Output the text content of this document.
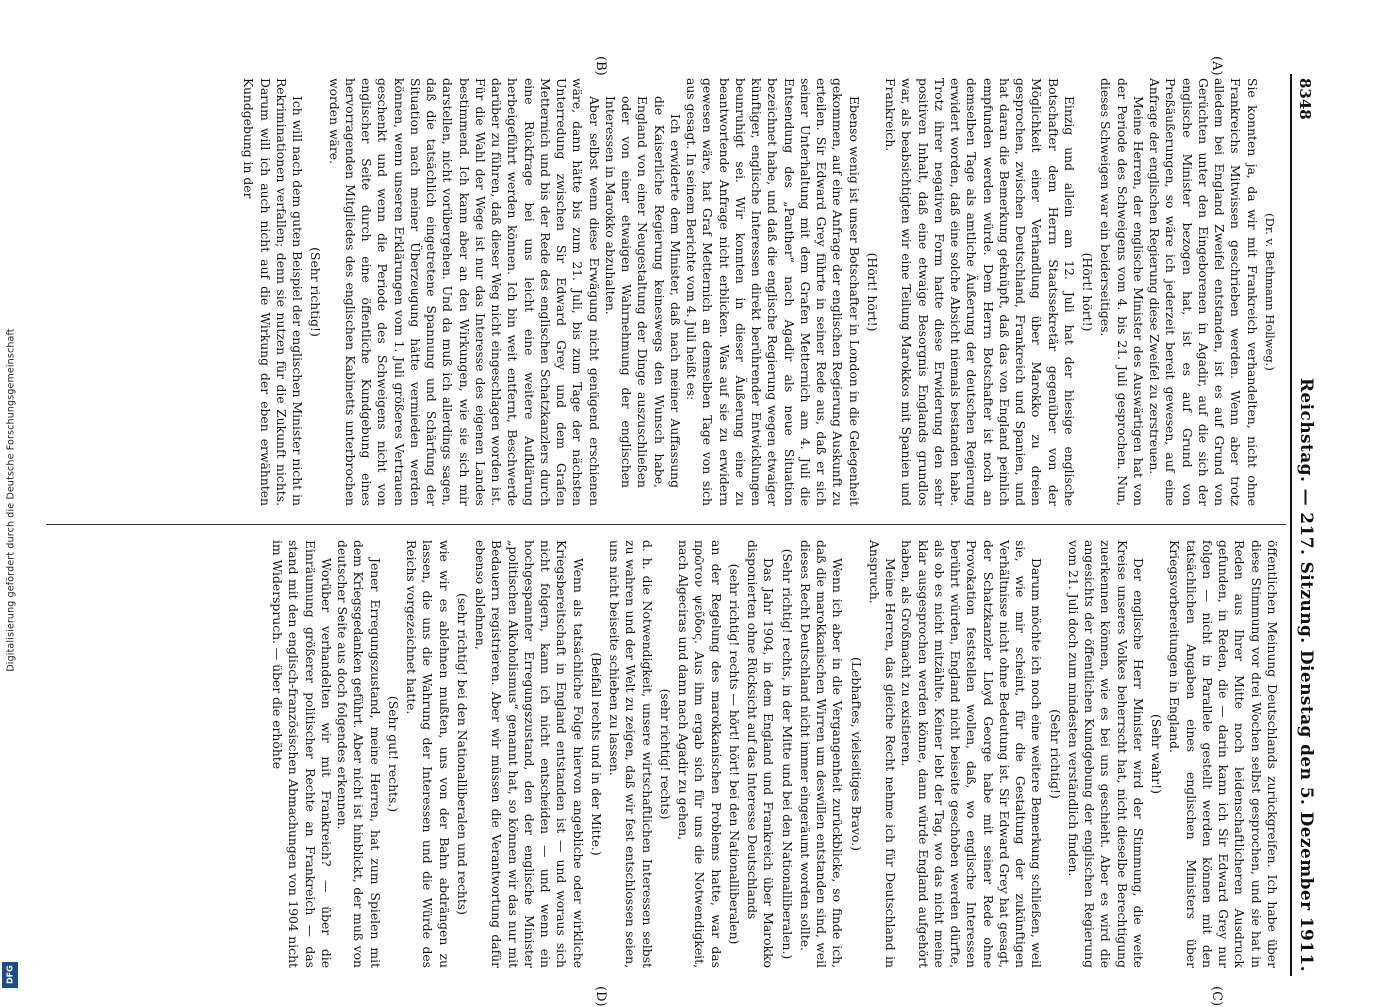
Digitalisierung gefördert durch die Deutsche Forschungsgemeinschaft
DFG
8348
Reichstag. — 217. Sitzung. Dienstag den 5. Dezember 1911.
(A)
(B)

(Dr. v. Bethmann Hollweg.)

Sie konnten ja, da wir mit Frankreich verhandelten, nicht ohne Frankreichs Mitwissen geschrieben werden. Wenn aber trotz alledem bei England Zweifel entstanden, ist es auf Grund von Gerüchten unter den Eingeborenen in Agadir, auf die sich der englische Minister bezogen hat, ist es auf Grund von Preßäußerungen, so wäre ich jederzeit bereit gewesen, auf eine Anfrage der englischen Regierung diese Zweifel zu zerstreuen.

Meine Herren, der englische Minister des Auswärtigen hat von der Periode des Schweigens vom 4. bis 21. Juli gesprochen. Nun, dieses Schweigen war ein beiderseitiges.

(Hört! hört!)

Einzig und allein am 12. Juli hat der hiesige englische Botschafter dem Herrn Staatssekretär gegenüber von der Möglichkeit einer Verhandlung über Marokko zu dreien gesprochen, zwischen Deutschland, Frankreich und Spanien, und hat daran die Bemerkung geknüpft, daß das von England peinlich empfunden werden würde. Dem Herrn Botschafter ist noch an demselben Tage als amtliche Äußerung der deutschen Regierung erwidert worden, daß eine solche Absicht niemals bestanden habe. Trotz ihrer negativen Form hatte diese Erwiderung den sehr positiven Inhalt, daß eine etwaige Besorgnis Englands grundlos war, als beabsichtigten wir eine Teilung Marokkos mit Spanien und Frankreich.

(Hört! hört!)

Ebenso wenig ist unser Botschafter in London in die Gelegenheit gekommen, auf eine Anfrage der englischen Regierung Auskunft zu erteilen. Sir Edward Grey führte in seiner Rede aus, daß er sich seiner Unterhaltung mit dem Grafen Metternich am 4. Juli die Entsendung des „Panther“ nach Agadir als neue Situation bezeichnet habe, und daß die englische Regierung wegen etwaiger künftiger, englische Interessen direkt berührender Entwicklungen beunruhigt sei. Wir konnten in dieser Äußerung eine zu beantwortende Anfrage nicht erblicken. Was auf sie zu erwidern gewesen wäre, hat Graf Metternich an demselben Tage von sich aus gesagt. In seinem Berichte vom 4. Juli heißt es:

Ich erwiderte dem Minister, daß nach meiner Auffassung die Kaiserliche Regierung keineswegs den Wunsch habe, England von einer Neugestaltung der Dinge auszuschließen oder von einer etwaigen Wahrnehmung der englischen Interessen in Marokko abzuhalten.

Aber selbst wenn diese Erwägung nicht genügend erschienen wäre, dann hätte bis zum 21. Juli, bis zum Tage der nächsten Unterredung zwischen Sir Edward Grey und dem Grafen Metternich und bis der Rede des englischen Schatzkanzlers durch eine Rückfrage bei uns leicht eine weitere Aufklärung herbeigeführt werden können. Ich bin weit entfernt, Beschwerde darüber zu führen, daß dieser Weg nicht eingeschlagen worden ist. Für die Wahl der Wege ist nur das Interesse des eigenen Landes bestimmend. Ich kann aber an den Wirkungen, wie sie sich mir darstellen, nicht vorübergehen. Und da muß ich allerdings sagen, daß die tatsächlich eingetretene Spannung und Schärfung der Situation nach meiner Überzeugung hätte vermieden werden können, wenn unseren Erklärungen vom 1. Juli größeres Vertrauen geschenkt und wenn die Periode des Schweigens nicht von englischer Seite durch eine öffentliche Kundgebung eines hervorragenden Mitgliedes des englischen Kabinetts unterbrochen worden wäre.

(Sehr richtig!)

Ich will nach dem guten Beispiel der englischen Minister nicht in Rekriminationen verfallen; denn sie nutzen für die Zukunft nichts. Darum will ich auch nicht auf die Wirkung der eben erwähnten Kundgebung in der

(C)
(D)

öffentlichen Meinung Deutschlands zurückgreifen. Ich habe über diese Stimmung vor drei Wochen selbst gesprochen, und sie hat in Reden aus Ihrer Mitte noch leidenschaftlicheren Ausdruck gefunden, in Reden, die — darin kann ich Sir Edward Grey nur folgen — nicht in Parallele gestellt werden können mit den tatsächlichen Angaben eines englischen Ministers über Kriegsvorbereitungen in England.

(Sehr wahr!)

Der englische Herr Minister wird der Stimmung, die weite Kreise unseres Volkes beherrscht hat, nicht dieselbe Berechtigung zuerkennen können, wie es bei uns geschieht. Aber es wird die angesichts der öffentlichen Kundgebung der englischen Regierung vom 21. Juli doch zum mindesten verständlich finden.

(Sehr richtig!)

Darum möchte ich noch eine weitere Bemerkung schließen, weil sie, wie mir scheint, für die Gestaltung der zukünftigen Verhältnisse nicht ohne Bedeutung ist. Sir Edward Grey hat gesagt, der Schatzkanzler Lloyd George habe mit seiner Rede ohne Provokation feststellen wollen, daß, wo englische Interessen berührt würden, England nicht beiseite geschoben werden dürfte, als ob es nicht mitzählte. Keiner lebt der Tag, wo das nicht meine klar ausgesprochen werden könne, dann würde England aufgehört haben, als Großmacht zu existieren.

Meine Herren, das gleiche Recht nehme ich für Deutschland in Anspruch.

(Lebhaftes, vielseitiges Bravo.)

Wenn ich aber in die Vergangenheit zurückblicke, so finde ich, daß die marokkanischen Wirren um deswillen entstanden sind, weil dieses Recht Deutschland nicht immer eingeräumt worden sollte.

(Sehr richtig! rechts, in der Mitte und bei den Nationalliberalen.)

Das Jahr 1904, in dem England und Frankreich über Marokko disponierten ohne Rücksicht auf das Interesse Deutschlands

(sehr richtig! rechts — hört! hört! bei den Nationalliberalen)

an der Regelung des marokkanischen Problems hatte, war das πρῶτον ψεῦδος. Aus ihm ergab sich für uns die Notwendigkeit, nach Algeciras und dann nach Agadir zu gehen,

(sehr richtig! rechts)

d. h. die Notwendigkeit, unsere wirtschaftlichen Interessen selbst zu wahren und der Welt zu zeigen, daß wir fest entschlossen seien, uns nicht beiseite schieben zu lassen.

(Beifall rechts und in der Mitte.)

Wenn als tatsächliche Folge hiervon angebliche oder wirkliche Kriegsbereitschaft in England entstanden ist — und woraus sich nicht folgern, kann ich nicht entscheiden — und wenn ein hochgespannter Erregungszustand, den der englische Minister „politischen Alkoholismus“ genannt hat, so können wir das nur mit Bedauern registrieren. Aber wir müssen die Verantwortung dafür ebenso ablehnen,

(sehr richtig! bei den Nationalliberalen und rechts)

wie wir es ablehnen mußten, uns von der Bahn abdrängen zu lassen, die uns die Wahrung der Interessen und die Würde des Reichs vorgezeichnet hatte.

(Sehr gut! rechts.)

Jener Erregungszustand, meine Herren, hat zum Spielen mit dem Kriegsgedanken geführt. Aber nicht ist hinblickt, der muß von deutscher Seite aus doch folgendes erkennen.

Worüber verhandelten wir mit Frankreich? — über die Einräumung größerer politischer Rechte an Frankreich — das stand mit den englisch-französischen Abmachungen von 1904 nicht im Widerspruch. — über die erhöhte
